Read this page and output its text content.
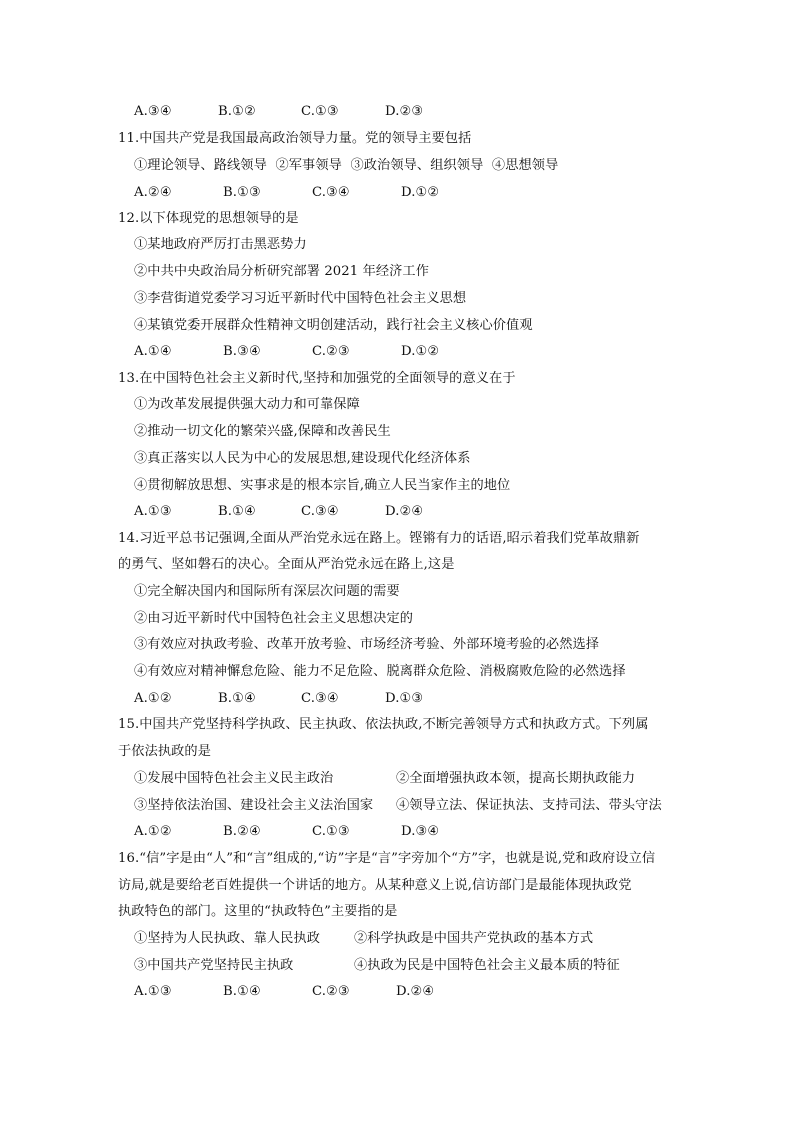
A.③④	B.①②	C.①③	D.②③
11.中国共产党是我国最高政治领导力量。党的领导主要包括
①理论领导、路线领导  ②军事领导  ③政治领导、组织领导  ④思想领导
A.②④	B.①③	C.③④	D.①②
12.以下体现党的思想领导的是
①某地政府严厉打击黑恶势力
②中共中央政治局分析研究部署 2021 年经济工作
③李营街道党委学习习近平新时代中国特色社会主义思想
④某镇党委开展群众性精神文明创建活动，践行社会主义核心价值观
A.①④	B.③④	C.②③	D.①②
13.在中国特色社会主义新时代,坚持和加强党的全面领导的意义在于
①为改革发展提供强大动力和可靠保障
②推动一切文化的繁荣兴盛,保障和改善民生
③真正落实以人民为中心的发展思想,建设现代化经济体系
④贯彻解放思想、实事求是的根本宗旨,确立人民当家作主的地位
A.①③	B.①④	C.③④	D.②④
14.习近平总书记强调,全面从严治党永远在路上。铿锵有力的话语,昭示着我们党革故鼎新
的勇气、坚如磐石的决心。全面从严治党永远在路上,这是
①完全解决国内和国际所有深层次问题的需要
②由习近平新时代中国特色社会主义思想决定的
③有效应对执政考验、改革开放考验、市场经济考验、外部环境考验的必然选择
④有效应对精神懈怠危险、能力不足危险、脱离群众危险、消极腐败危险的必然选择
A.①②	B.①④	C.③④	D.①③
15.中国共产党坚持科学执政、民主执政、依法执政,不断完善领导方式和执政方式。下列属
于依法执政的是
①发展中国特色社会主义民主政治	②全面增强执政本领，提高长期执政能力
③坚持依法治国、建设社会主义法治国家 ④领导立法、保证执法、支持司法、带头守法
A.①②	B.②④	C.①③	D.③④
16.“信”字是由“人”和“言”组成的,“访”字是“言”字旁加个“方”字，也就是说,党和政府设立信
访局,就是要给老百姓提供一个讲话的地方。从某种意义上说,信访部门是最能体现执政党
执政特色的部门。这里的“执政特色”主要指的是
①坚持为人民执政、靠人民执政	②科学执政是中国共产党执政的基本方式
③中国共产党坚持民主执政	④执政为民是中国特色社会主义最本质的特征
A.①③	B.①④	C.②③	D.②④
